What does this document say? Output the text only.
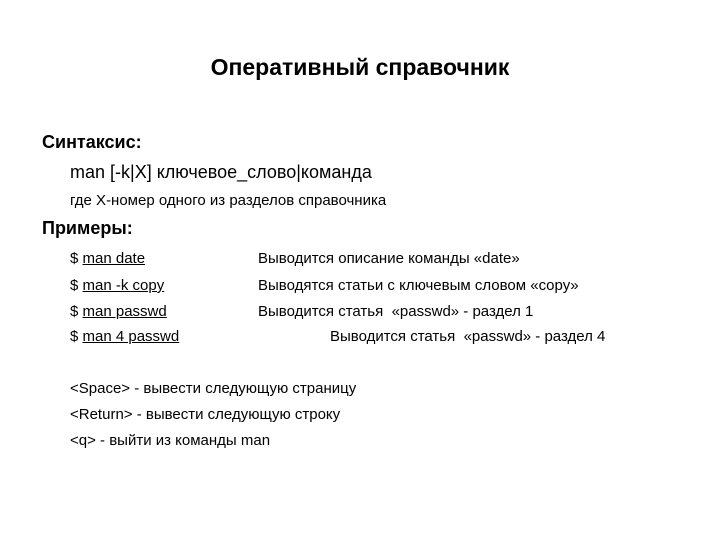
Оперативный справочник
Синтаксис:
man [-k|X] ключевое_слово|команда
где X-номер одного из разделов справочника
Примеры:
$ man date	Выводится описание команды «date»
$ man -k copy	Выводятся статьи с ключевым словом «copy»
$ man passwd	Выводится статья  «passwd» - раздел 1
$ man 4 passwd	Выводится статья  «passwd» - раздел 4
<Space> - вывести следующую страницу
<Return> - вывести следующую строку
<q> - выйти из команды man
